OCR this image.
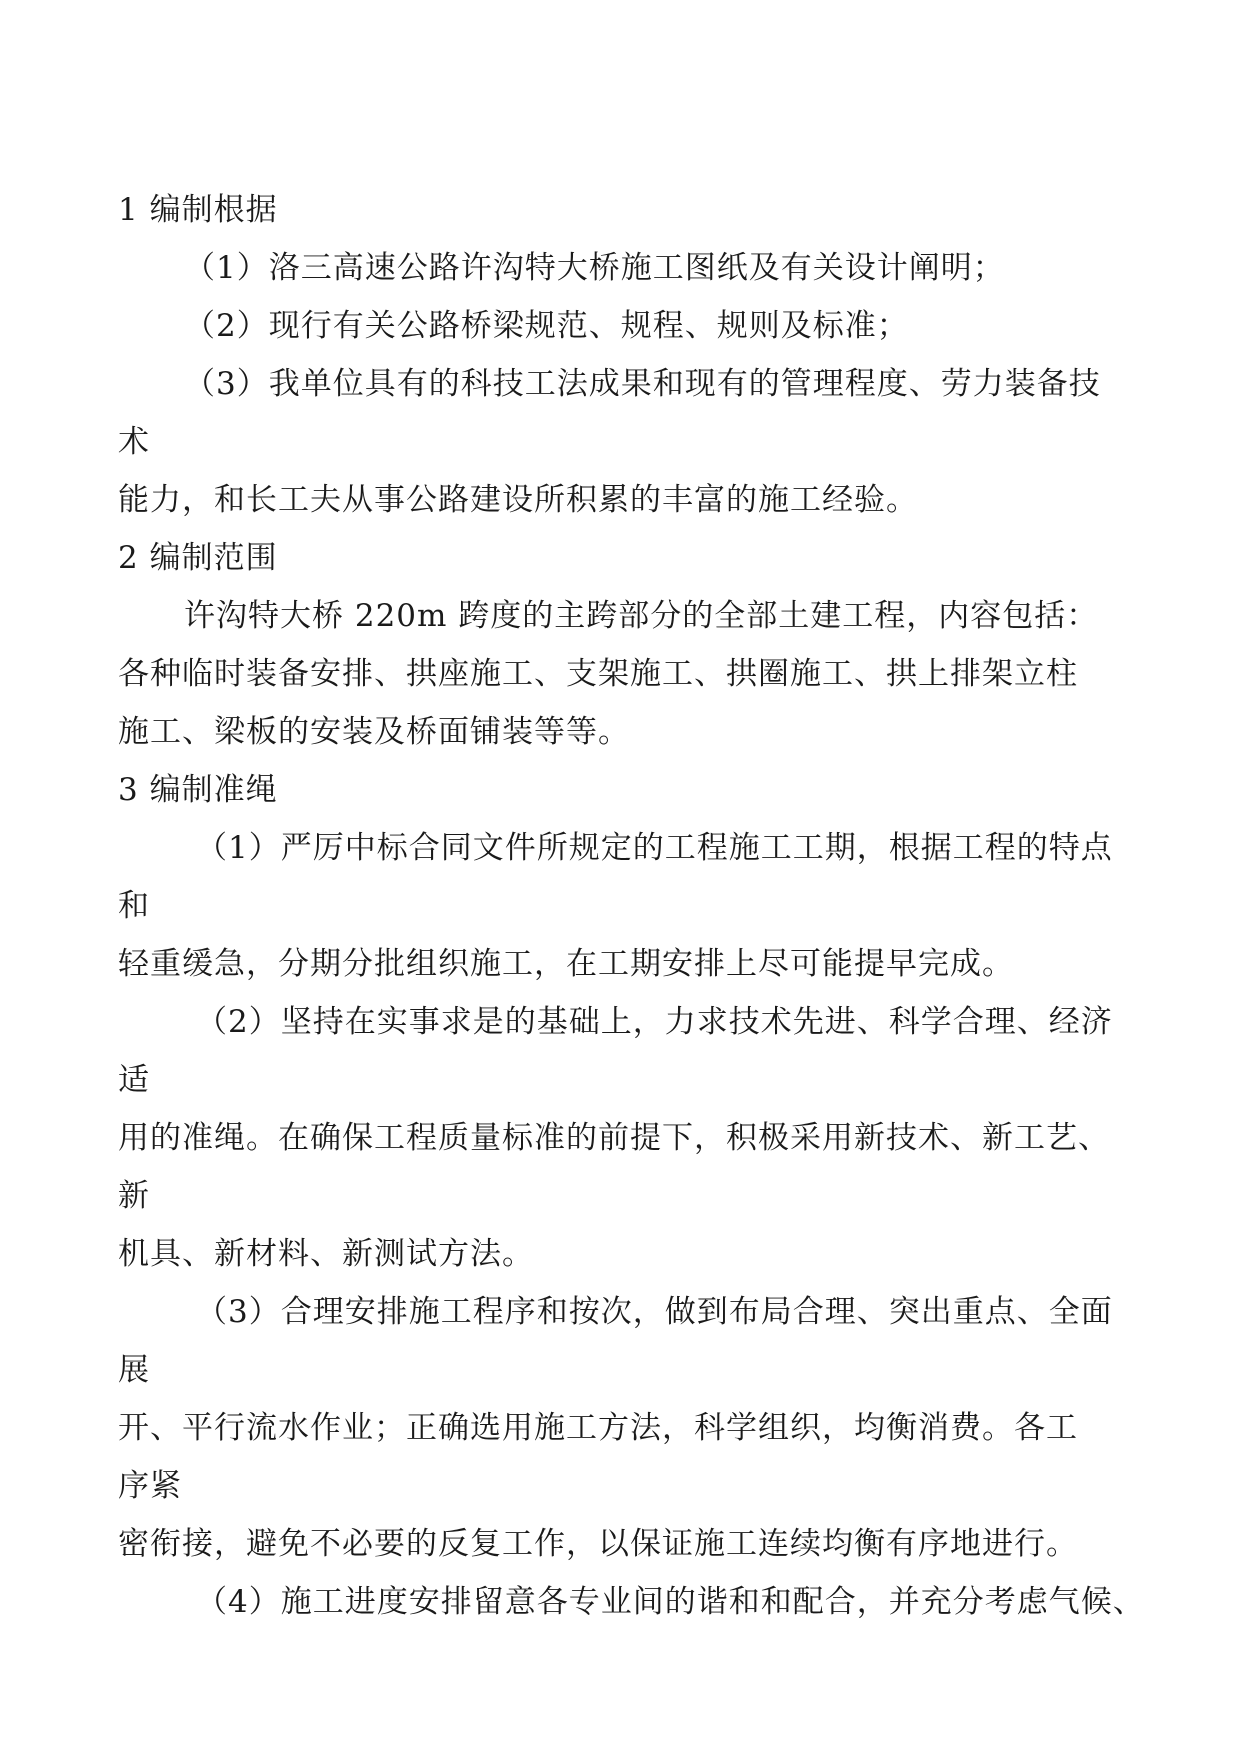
1 编制根据
（1）洛三高速公路许沟特大桥施工图纸及有关设计阐明；
（2）现行有关公路桥梁规范、规程、规则及标准；
（3）我单位具有的科技工法成果和现有的管理程度、劳力装备技
术
能力，和长工夫从事公路建设所积累的丰富的施工经验。
2 编制范围
许沟特大桥 220m 跨度的主跨部分的全部土建工程，内容包括：
各种临时装备安排、拱座施工、支架施工、拱圈施工、拱上排架立柱
施工、梁板的安装及桥面铺装等等。
3 编制准绳
（1）严厉中标合同文件所规定的工程施工工期，根据工程的特点
和
轻重缓急，分期分批组织施工，在工期安排上尽可能提早完成。
（2）坚持在实事求是的基础上，力求技术先进、科学合理、经济
适
用的准绳。在确保工程质量标准的前提下，积极采用新技术、新工艺、
新
机具、新材料、新测试方法。
（3）合理安排施工程序和按次，做到布局合理、突出重点、全面
展
开、平行流水作业；正确选用施工方法，科学组织，均衡消费。各工
序紧
密衔接，避免不必要的反复工作，以保证施工连续均衡有序地进行。
（4）施工进度安排留意各专业间的谐和和配合，并充分考虑气候、
